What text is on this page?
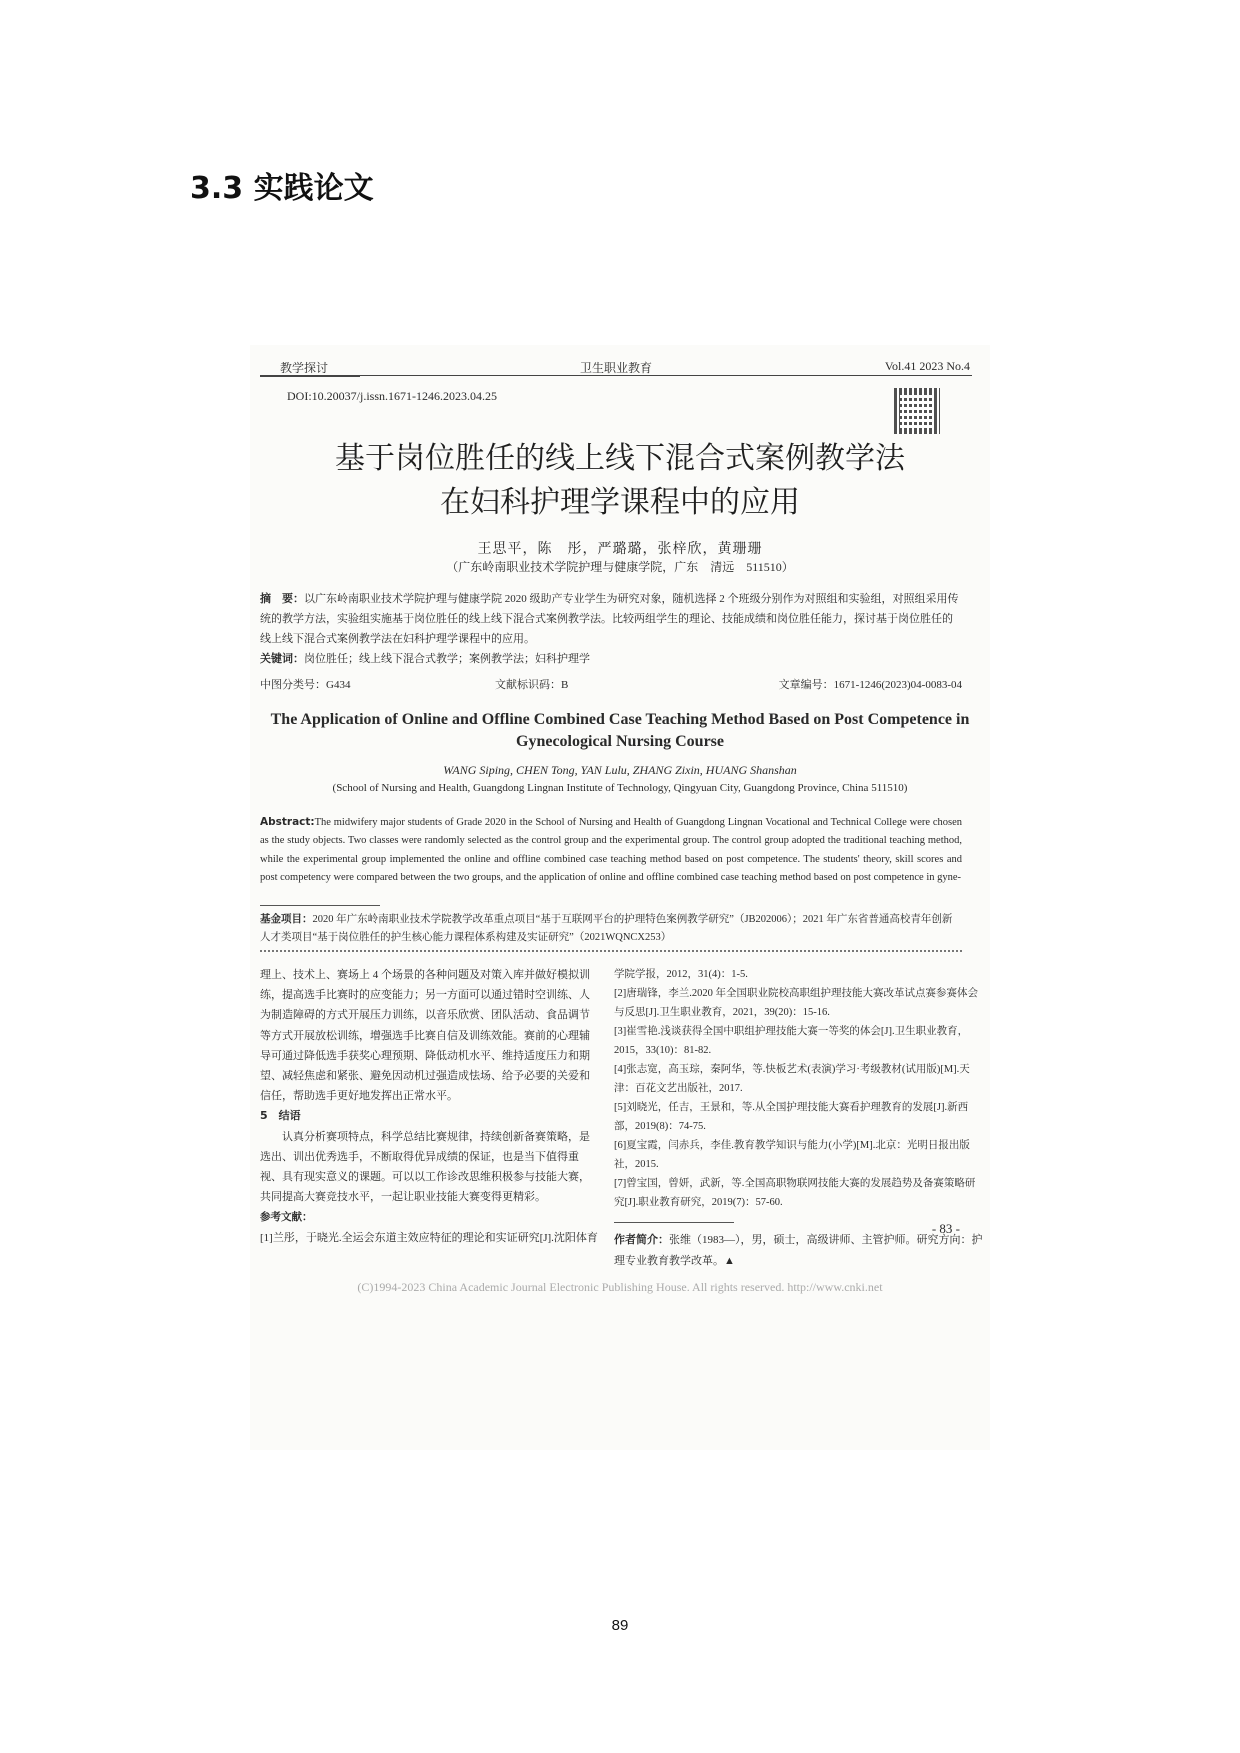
3.3 实践论文
教学探讨	卫生职业教育	Vol.41 2023 No.4
DOI:10.20037/j.issn.1671-1246.2023.04.25
基于岗位胜任的线上线下混合式案例教学法
在妇科护理学课程中的应用
王思平，陈　彤，严璐璐，张梓欣，黄珊珊
（广东岭南职业技术学院护理与健康学院，广东　清远　511510）
摘　要：以广东岭南职业技术学院护理与健康学院 2020 级助产专业学生为研究对象，随机选择 2 个班级分别作为对照组和实验组，对照组采用传统的教学方法，实验组实施基于岗位胜任的线上线下混合式案例教学法。比较两组学生的理论、技能成绩和岗位胜任能力，探讨基于岗位胜任的线上线下混合式案例教学法在妇科护理学课程中的应用。
关键词：岗位胜任；线上线下混合式教学；案例教学法；妇科护理学
中图分类号：G434	文献标识码：B	文章编号：1671-1246(2023)04-0083-04
The Application of Online and Offline Combined Case Teaching Method Based on Post Competence in Gynecological Nursing Course
WANG Siping, CHEN Tong, YAN Lulu, ZHANG Zixin, HUANG Shanshan
(School of Nursing and Health, Guangdong Lingnan Institute of Technology, Qingyuan City, Guangdong Province, China 511510)
Abstract:The midwifery major students of Grade 2020 in the School of Nursing and Health of Guangdong Lingnan Vocational and Technical College were chosen as the study objects. Two classes were randomly selected as the control group and the experimental group. The control group adopted the traditional teaching method, while the experimental group implemented the online and offline combined case teaching method based on post competence. The students' theory, skill scores and post competency were compared between the two groups, and the application of online and offline combined case teaching method based on post competence in gyne-
基金项目：2020 年广东岭南职业技术学院教学改革重点项目“基于互联网平台的护理特色案例教学研究”（JB202006）；2021 年广东省普通高校青年创新人才类项目“基于岗位胜任的护生核心能力课程体系构建及实证研究”（2021WQNCX253）

理上、技术上、赛场上 4 个场景的各种问题及对策入库并做好模拟训练，提高选手比赛时的应变能力；另一方面可以通过错时空训练、人为制造障碍的方式开展压力训练，以音乐欣赏、团队活动、食品调节等方式开展放松训练，增强选手比赛自信及训练效能。赛前的心理辅导可通过降低选手获奖心理预期、降低动机水平、维持适度压力和期望、减轻焦虑和紧张、避免因动机过强造成怯场、给予必要的关爱和信任，帮助选手更好地发挥出正常水平。

5　结语

认真分析赛项特点，科学总结比赛规律，持续创新备赛策略，是选出、训出优秀选手，不断取得优异成绩的保证，也是当下值得重视、具有现实意义的课题。可以以工作诊改思维积极参与技能大赛，共同提高大赛竞技水平，一起让职业技能大赛变得更精彩。

参考文献：

[1]兰彤，于晓光.全运会东道主效应特征的理论和实证研究[J].沈阳体育

学院学报，2012，31(4)：1-5.

[2]唐瑞锋，李兰.2020 年全国职业院校高职组护理技能大赛改革试点赛参赛体会与反思[J].卫生职业教育，2021，39(20)：15-16.

[3]崔雪艳.浅谈获得全国中职组护理技能大赛一等奖的体会[J].卫生职业教育，2015，33(10)：81-82.

[4]张志宽，高玉琮，秦阿华，等.快板艺术(表演)学习·考级教材(试用版)[M].天津：百花文艺出版社，2017.

[5]刘晓光，任吉，王景和，等.从全国护理技能大赛看护理教育的发展[J].新西部，2019(8)：74-75.

[6]夏宝霞，闫赤兵，李佳.教育教学知识与能力(小学)[M].北京：光明日报出版社，2015.

[7]曾宝国，曾妍，武新，等.全国高职物联网技能大赛的发展趋势及备赛策略研究[J].职业教育研究，2019(7)：57-60.

作者简介：张维（1983—），男，硕士，高级讲师、主管护师。研究方向：护理专业教育教学改革。▲

- 83 -
(C)1994-2023 China Academic Journal Electronic Publishing House. All rights reserved. http://www.cnki.net
89
